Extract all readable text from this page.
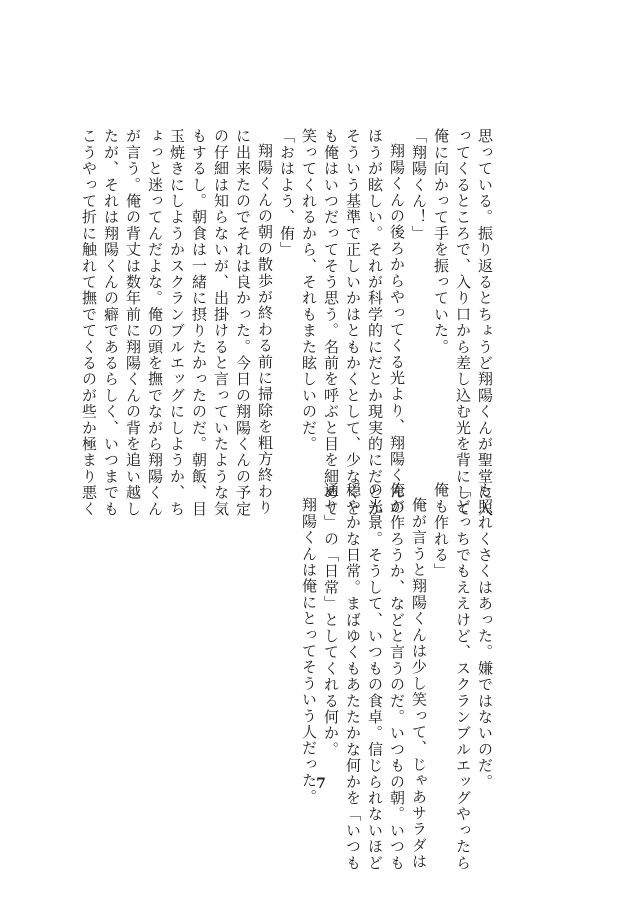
思っている。振り返るとちょうど翔陽くんが聖堂に入
ってくるところで、入り口から差し込む光を背にして
俺に向かって手を振っていた。
「翔陽くん！」
翔陽くんの後ろからやってくる光より、翔陽くんの
ほうが眩しい。それが科学的にだとか現実的にだとか
そういう基準で正しいかはともかくとして、少なくと
も俺はいつだってそう思う。名前を呼ぶと目を細めて
笑ってくれるから、それもまた眩しいのだ。
「おはよう、侑」
翔陽くんの朝の散歩が終わる前に掃除を粗方終わり
に出来たのでそれは良かった。今日の翔陽くんの予定
の仔細は知らないが、出掛けると言っていたような気
もするし。朝食は一緒に摂りたかったのだ。朝飯、目
玉焼きにしようかスクランブルエッグにしようか、ち
ょっと迷ってんだよな。俺の頭を撫でながら翔陽くん
が言う。俺の背丈は数年前に翔陽くんの背を追い越し
たが、それは翔陽くんの癖であるらしく、いつまでも
こうやって折に触れて撫でてくるのが些か極まり悪く
も照れくさくはあった。嫌ではないのだ。
「どっちでもええけど、スクランブルエッグやったら
俺も作れる」
俺が言うと翔陽くんは少し笑って、じゃあサラダは
俺が作ろうか、などと言うのだ。いつもの朝。いつも
の光景。そうして、いつもの食卓。信じられないほど
穏やかな日常。まばゆくもあたたかな何かを「いつも
通り」の「日常」としてくれる何か。
翔陽くんは俺にとってそういう人だった。
7
